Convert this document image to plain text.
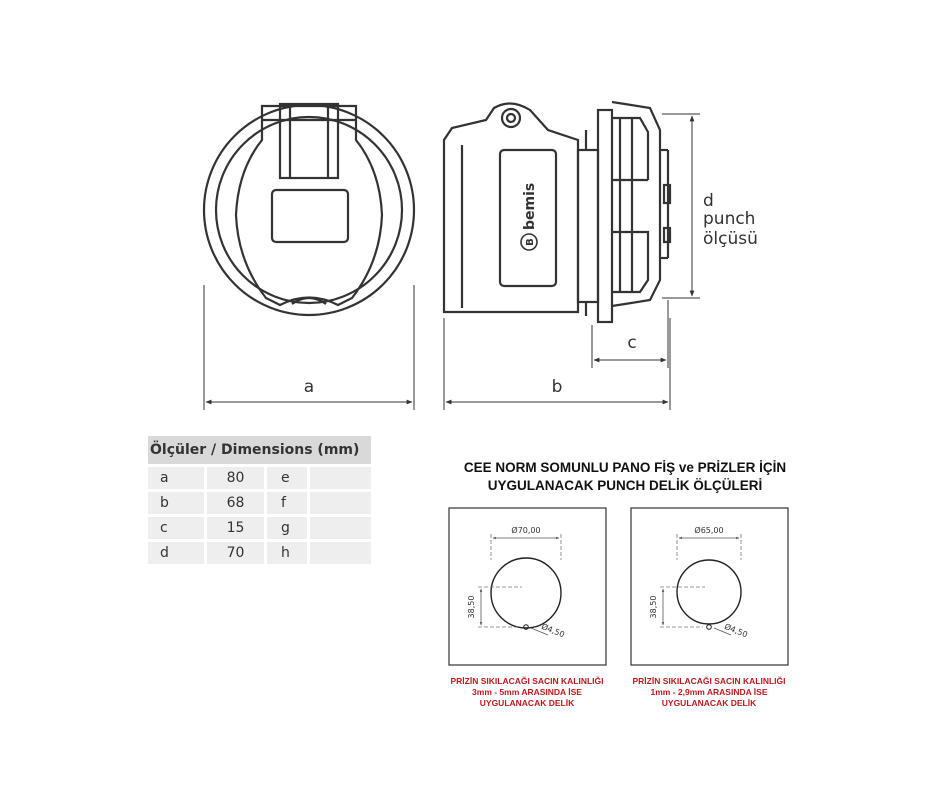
a
B
bemis
b
c
d
punch
ölçüsü
Ø70,00
38,50
Ø4,50
Ø65,00
38,50
Ø4,50
Ölçüler / Dimensions (mm)			
a	80	e	
b	68	f	
c	15	g	
d	70	h	
CEE NORM SOMUNLU PANO FİŞ ve PRİZLER İÇİN
UYGULANACAK PUNCH DELİK ÖLÇÜLERİ
PRİZİN SIKILACAĞI SACIN KALINLIĞI
3mm - 5mm ARASINDA İSE
UYGULANACAK DELİK
PRİZİN SIKILACAĞI SACIN KALINLIĞI
1mm - 2,9mm ARASINDA İSE
UYGULANACAK DELİK
